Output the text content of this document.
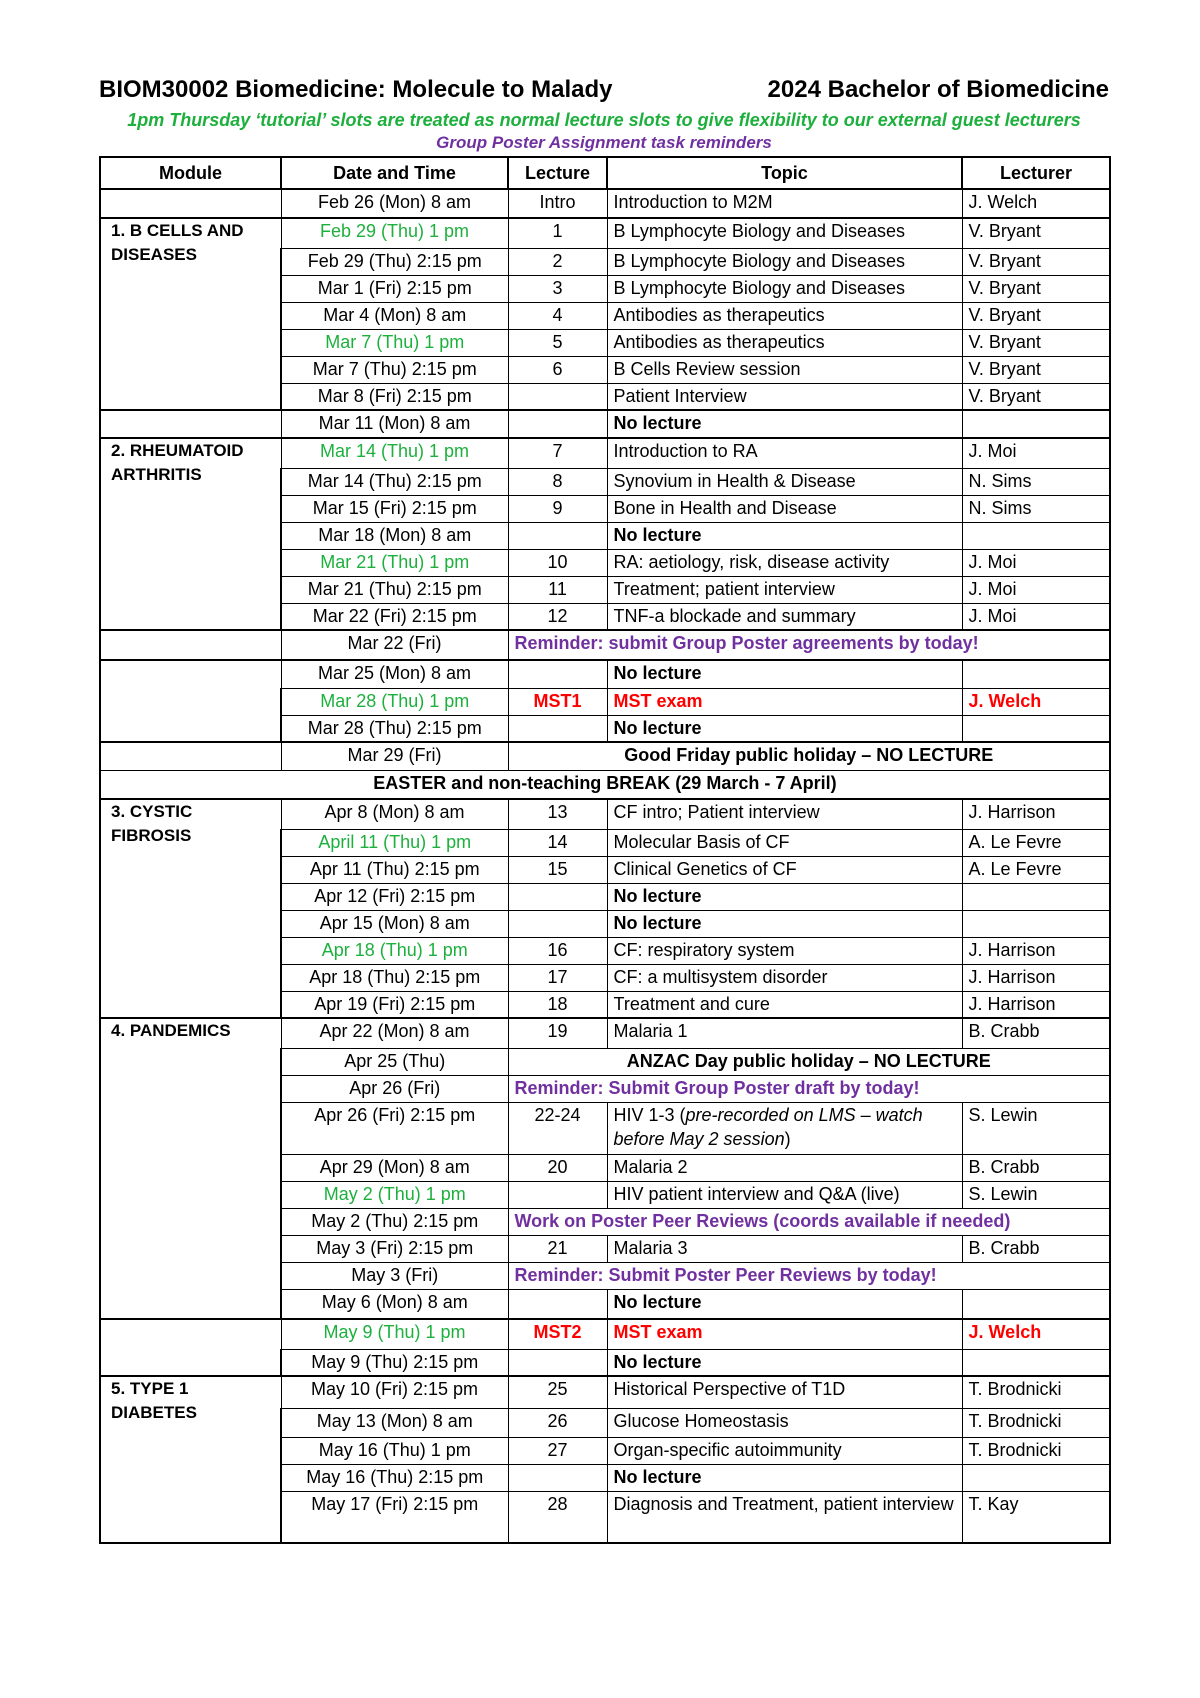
BIOM30002 Biomedicine: Molecule to Malady	2024 Bachelor of Biomedicine
1pm Thursday ‘tutorial’ slots are treated as normal lecture slots to give flexibility to our external guest lecturers
Group Poster Assignment task reminders
Module	Date and Time	Lecture	Topic	Lecturer
	Feb 26 (Mon) 8 am	Intro	Introduction to M2M	J. Welch
1. B CELLS AND DISEASES	Feb 29 (Thu) 1 pm	1	B Lymphocyte Biology and Diseases	V. Bryant
	Feb 29 (Thu) 2:15 pm	2	B Lymphocyte Biology and Diseases	V. Bryant
	Mar 1 (Fri) 2:15 pm	3	B Lymphocyte Biology and Diseases	V. Bryant
	Mar 4 (Mon) 8 am	4	Antibodies as therapeutics	V. Bryant
	Mar 7 (Thu) 1 pm	5	Antibodies as therapeutics	V. Bryant
	Mar 7 (Thu) 2:15 pm	6	B Cells Review session	V. Bryant
	Mar 8 (Fri) 2:15 pm		Patient Interview	V. Bryant
	Mar 11 (Mon) 8 am		No lecture	
2. RHEUMATOID ARTHRITIS	Mar 14 (Thu) 1 pm	7	Introduction to RA	J. Moi
	Mar 14 (Thu) 2:15 pm	8	Synovium in Health & Disease	N. Sims
	Mar 15 (Fri) 2:15 pm	9	Bone in Health and Disease	N. Sims
	Mar 18 (Mon) 8 am		No lecture	
	Mar 21 (Thu) 1 pm	10	RA: aetiology, risk, disease activity	J. Moi
	Mar 21 (Thu) 2:15 pm	11	Treatment; patient interview	J. Moi
	Mar 22 (Fri) 2:15 pm	12	TNF-a blockade and summary	J. Moi
	Mar 22 (Fri)	Reminder: submit Group Poster agreements by today!		
	Mar 25 (Mon) 8 am		No lecture	
	Mar 28 (Thu) 1 pm	MST1	MST exam	J. Welch
	Mar 28 (Thu) 2:15 pm		No lecture	
	Mar 29 (Fri)	Good Friday public holiday – NO LECTURE		
EASTER and non-teaching BREAK (29 March - 7 April)				
3. CYSTIC FIBROSIS	Apr 8 (Mon) 8 am	13	CF intro; Patient interview	J. Harrison
	April 11 (Thu) 1 pm	14	Molecular Basis of CF	A. Le Fevre
	Apr 11 (Thu) 2:15 pm	15	Clinical Genetics of CF	A. Le Fevre
	Apr 12 (Fri) 2:15 pm		No lecture	
	Apr 15 (Mon) 8 am		No lecture	
	Apr 18 (Thu) 1 pm	16	CF: respiratory system	J. Harrison
	Apr 18 (Thu) 2:15 pm	17	CF: a multisystem disorder	J. Harrison
	Apr 19 (Fri) 2:15 pm	18	Treatment and cure	J. Harrison
4. PANDEMICS	Apr 22 (Mon) 8 am	19	Malaria 1	B. Crabb
	Apr 25 (Thu)	ANZAC Day public holiday – NO LECTURE		
	Apr 26 (Fri)	Reminder: Submit Group Poster draft by today!		
	Apr 26 (Fri) 2:15 pm	22-24	HIV 1-3 (pre-recorded on LMS – watch before May 2 session)	S. Lewin
	Apr 29 (Mon) 8 am	20	Malaria 2	B. Crabb
	May 2 (Thu) 1 pm		HIV patient interview and Q&A (live)	S. Lewin
	May 2 (Thu) 2:15 pm	Work on Poster Peer Reviews (coords available if needed)		
	May 3 (Fri) 2:15 pm	21	Malaria 3	B. Crabb
	May 3 (Fri)	Reminder: Submit Poster Peer Reviews by today!		
	May 6 (Mon) 8 am		No lecture	
	May 9 (Thu) 1 pm	MST2	MST exam	J. Welch
	May 9 (Thu) 2:15 pm		No lecture	
5. TYPE 1 DIABETES	May 10 (Fri) 2:15 pm	25	Historical Perspective of T1D	T. Brodnicki
	May 13 (Mon) 8 am	26	Glucose Homeostasis	T. Brodnicki
	May 16 (Thu) 1 pm	27	Organ-specific autoimmunity	T. Brodnicki
	May 16 (Thu) 2:15 pm		No lecture	
	May 17 (Fri) 2:15 pm	28	Diagnosis and Treatment, patient interview	T. Kay
